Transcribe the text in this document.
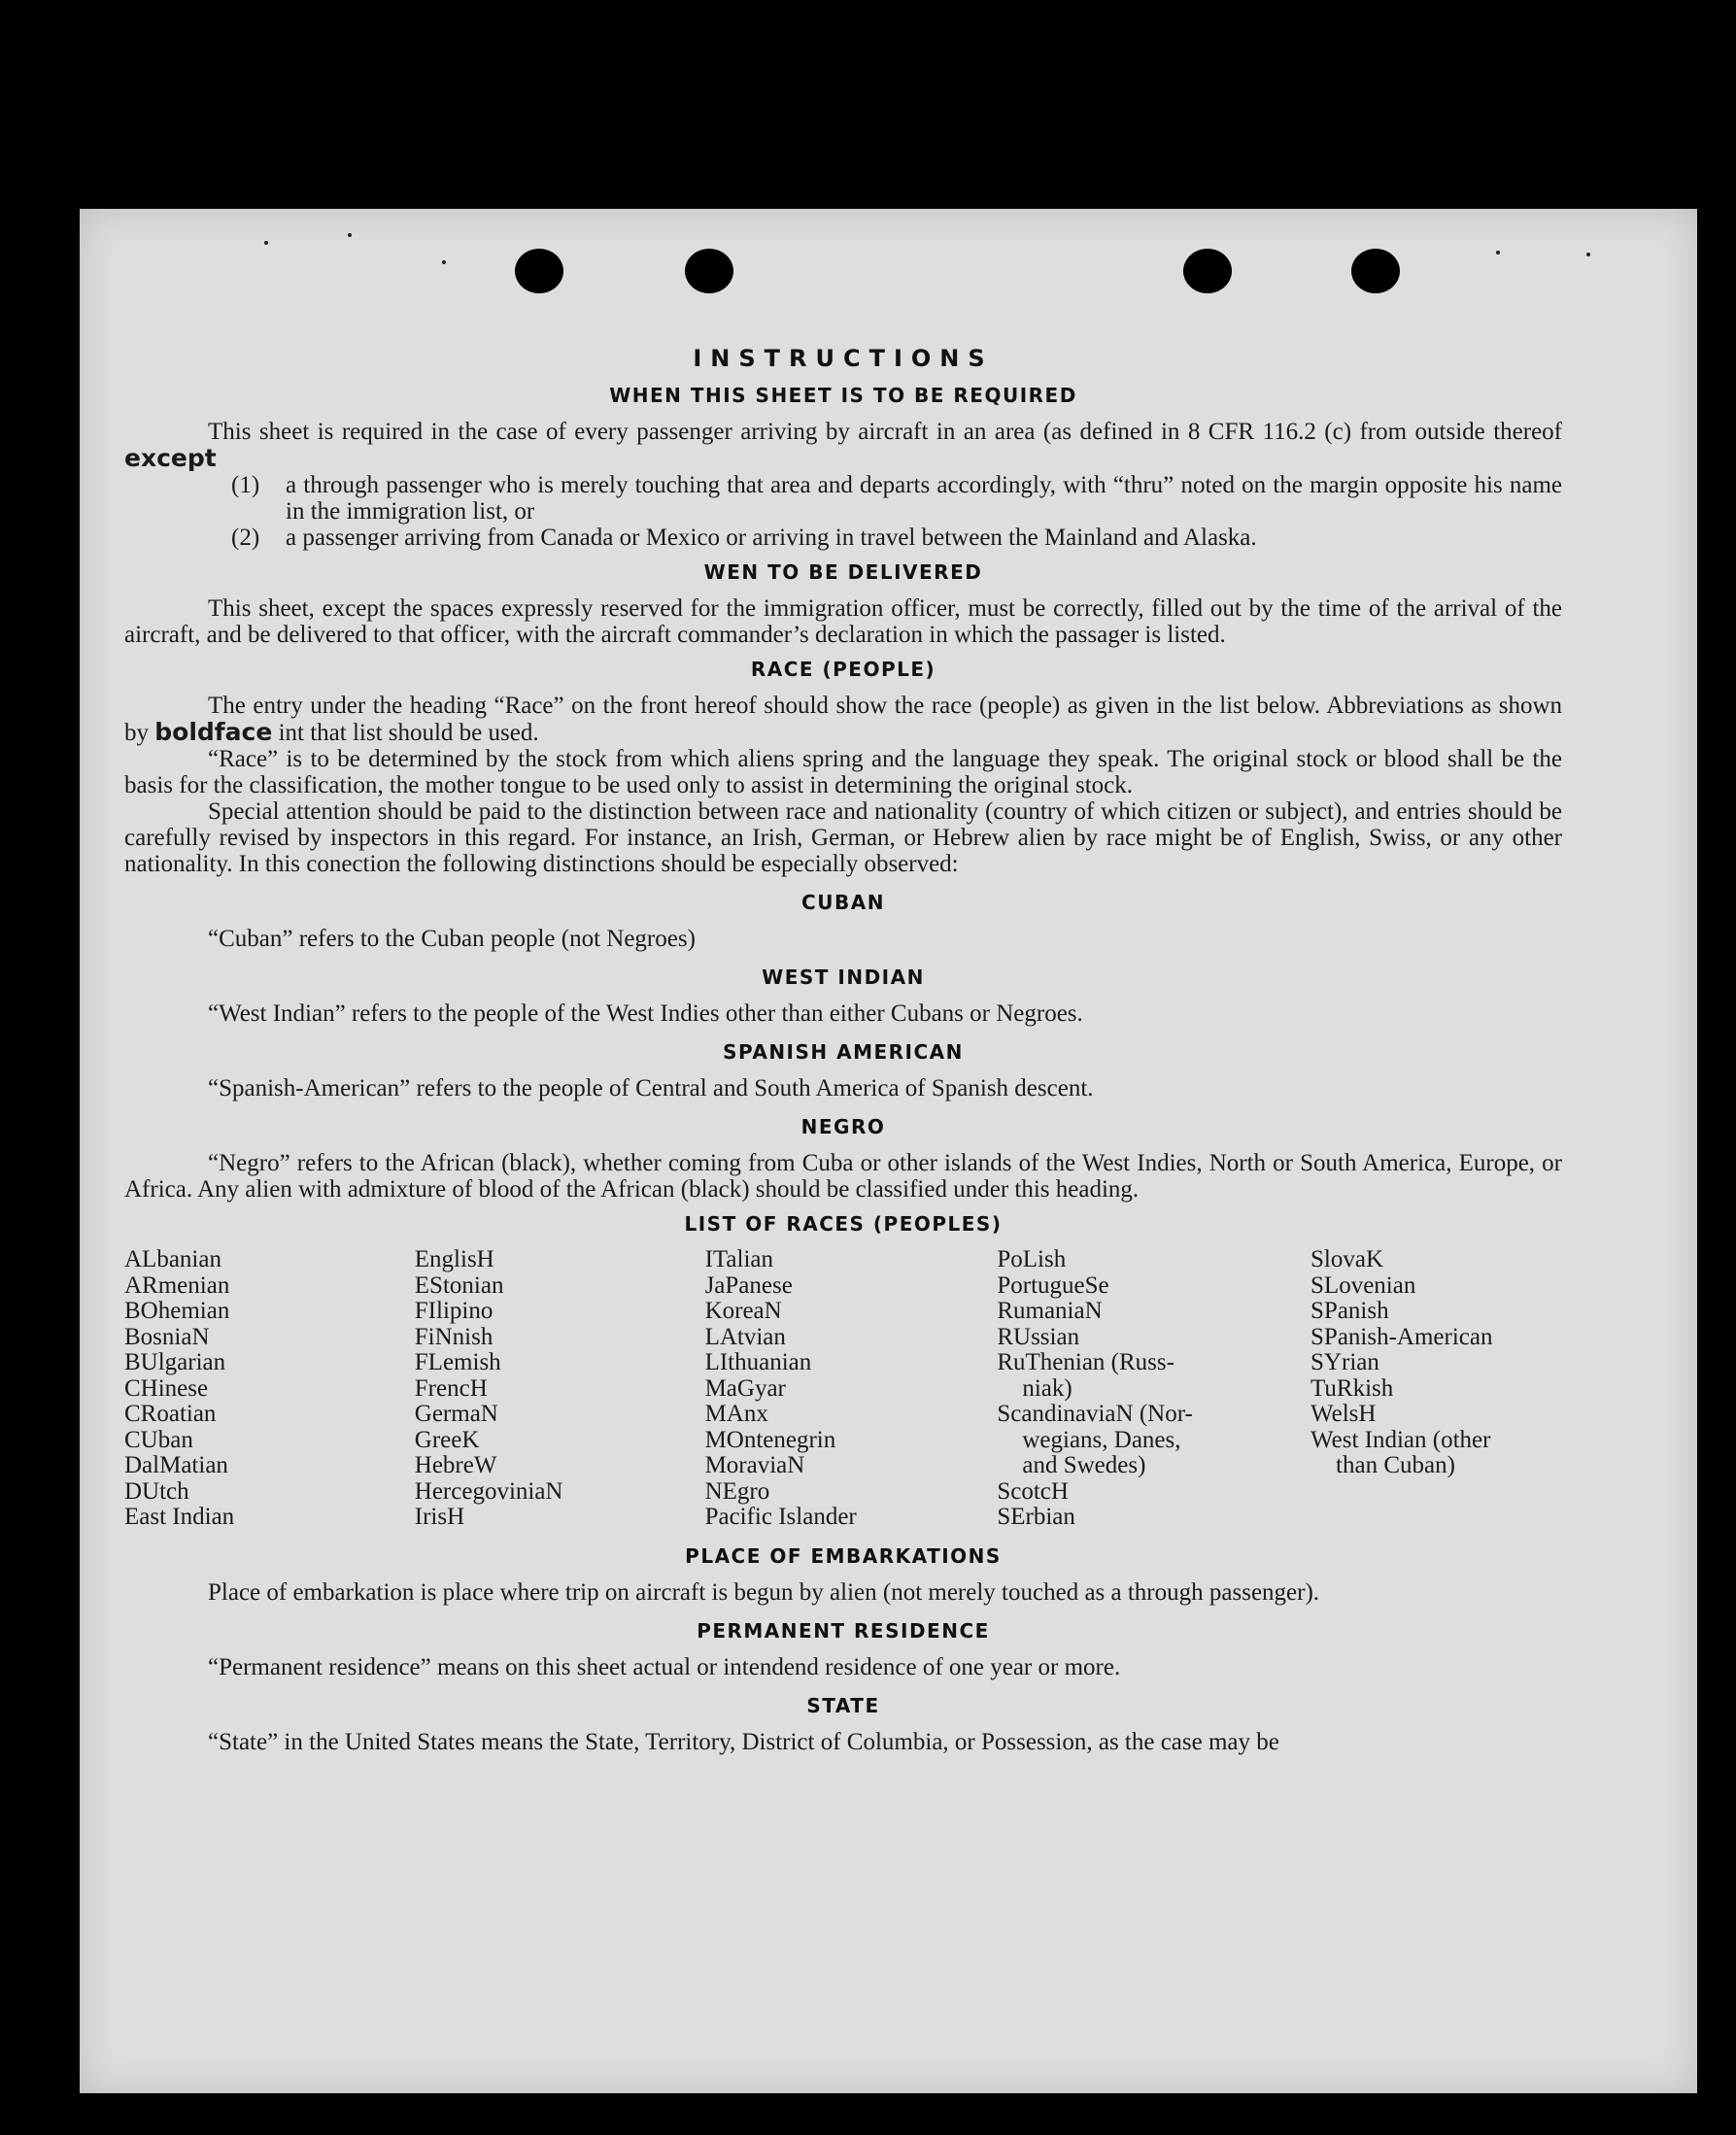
INSTRUCTIONS
WHEN THIS SHEET IS TO BE REQUIRED

This sheet is required in the case of every passenger arriving by aircraft in an area (as defined in 8 CFR 116.2 (c) from outside thereof except

(1)	a through passenger who is merely touching that area and departs accordingly, with “thru” noted on the margin opposite his name in the immigration list, or
(2)	a passenger arriving from Canada or Mexico or arriving in travel between the Mainland and Alaska.
WEN TO BE DELIVERED

This sheet, except the spaces expressly reserved for the immigration officer, must be correctly, filled out by the time of the arrival of the aircraft, and be delivered to that officer, with the aircraft commander’s declaration in which the passager is listed.

RACE (PEOPLE)

The entry under the heading “Race” on the front hereof should show the race (people) as given in the list below. Abbreviations as shown by boldface int that list should be used.

“Race” is to be determined by the stock from which aliens spring and the language they speak. The original stock or blood shall be the basis for the classification, the mother tongue to be used only to assist in determining the original stock.

Special attention should be paid to the distinction between race and nationality (country of which citizen or subject), and entries should be carefully revised by inspectors in this regard. For instance, an Irish, German, or Hebrew alien by race might be of English, Swiss, or any other nationality. In this conection the following distinctions should be especially observed:

CUBAN

“Cuban” refers to the Cuban people (not Negroes)

WEST INDIAN

“West Indian” refers to the people of the West Indies other than either Cubans or Negroes.

SPANISH AMERICAN

“Spanish-American” refers to the people of Central and South America of Spanish descent.

NEGRO

“Negro” refers to the African (black), whether coming from Cuba or other islands of the West Indies, North or South America, Europe, or Africa. Any alien with admixture of blood of the African (black) should be classified under this heading.

LIST OF RACES (PEOPLES)
ALbanian
ARmenian
BOhemian
BosniaN
BUlgarian
CHinese
CRoatian
CUban
DalMatian
DUtch
East Indian
EnglisH
EStonian
FIlipino
FiNnish
FLemish
FrencH
GermaN
GreeK
HebreW
HercegoviniaN
IrisH
ITalian
JaPanese
KoreaN
LAtvian
LIthuanian
MaGyar
MAnx
MOntenegrin
MoraviaN
NEgro
Pacific Islander
PoLish
PortugueSe
RumaniaN
RUssian
RuThenian (Russ-
niak)
ScandinaviaN (Nor-
wegians, Danes,
and Swedes)
ScotcH
SErbian
SlovaK
SLovenian
SPanish
SPanish-American
SYrian
TuRkish
WelsH
West Indian (other
than Cuban)
PLACE OF EMBARKATIONS

Place of embarkation is place where trip on aircraft is begun by alien (not merely touched as a through passenger).

PERMANENT RESIDENCE

“Permanent residence” means on this sheet actual or intendend residence of one year or more.

STATE

“State” in the United States means the State, Territory, District of Columbia, or Possession, as the case may be
